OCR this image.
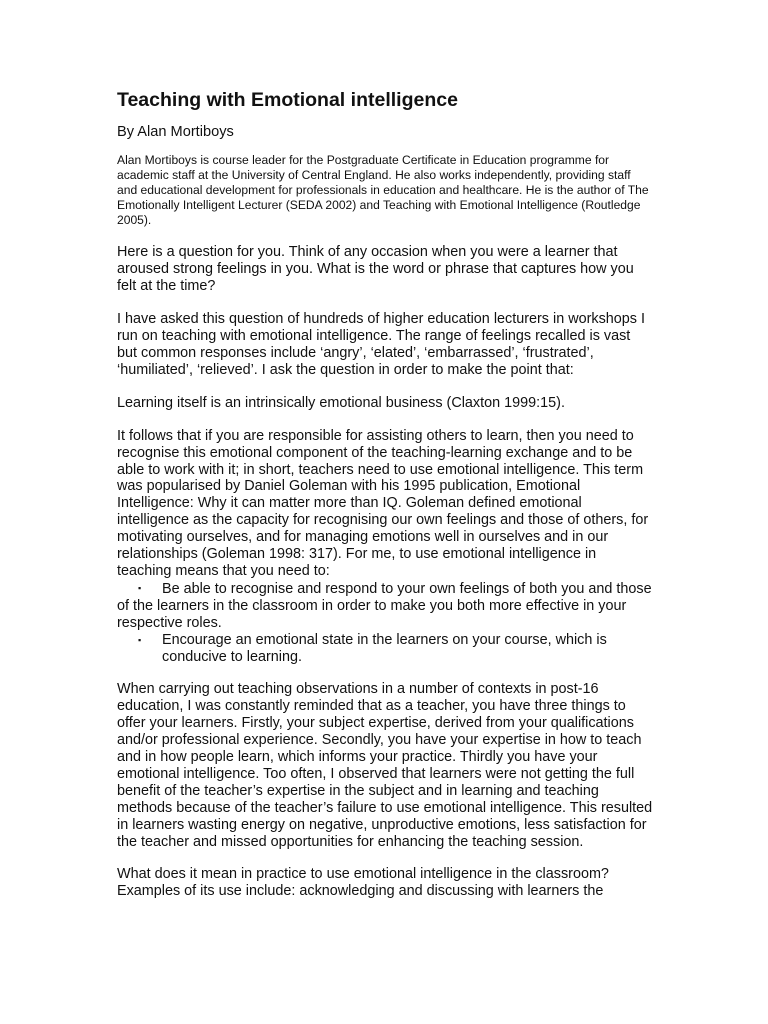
Teaching with Emotional intelligence

By Alan Mortiboys

Alan Mortiboys is course leader for the Postgraduate Certificate in Education programme for academic staff at the University of Central England. He also works independently, providing staff and educational development for professionals in education and healthcare. He is the author of The Emotionally Intelligent Lecturer (SEDA 2002) and Teaching with Emotional Intelligence (Routledge 2005).

Here is a question for you. Think of any occasion when you were a learner that aroused strong feelings in you. What is the word or phrase that captures how you felt at the time?

I have asked this question of hundreds of higher education lecturers in workshops I run on teaching with emotional intelligence. The range of feelings recalled is vast but common responses include ‘angry’, ‘elated’, ‘embarrassed’, ‘frustrated’, ‘humiliated’, ‘relieved’. I ask the question in order to make the point that:

Learning itself is an intrinsically emotional business (Claxton 1999:15).

It follows that if you are responsible for assisting others to learn, then you need to recognise this emotional component of the teaching-learning exchange and to be able to work with it; in short, teachers need to use emotional intelligence. This term was popularised by Daniel Goleman with his 1995 publication, Emotional Intelligence: Why it can matter more than IQ. Goleman defined emotional intelligence as the capacity for recognising our own feelings and those of others, for motivating ourselves, and for managing emotions well in ourselves and in our relationships (Goleman 1998: 317). For me, to use emotional intelligence in teaching means that you need to:

▪ Be able to recognise and respond to your own feelings of both you and those of the learners in the classroom in order to make you both more effective in your respective roles.
▪ Encourage an emotional state in the learners on your course, which is conducive to learning.

When carrying out teaching observations in a number of contexts in post-16 education, I was constantly reminded that as a teacher, you have three things to offer your learners. Firstly, your subject expertise, derived from your qualifications and/or professional experience. Secondly, you have your expertise in how to teach and in how people learn, which informs your practice. Thirdly you have your emotional intelligence. Too often, I observed that learners were not getting the full benefit of the teacher’s expertise in the subject and in learning and teaching methods because of the teacher’s failure to use emotional intelligence. This resulted in learners wasting energy on negative, unproductive emotions, less satisfaction for the teacher and missed opportunities for enhancing the teaching session.

What does it mean in practice to use emotional intelligence in the classroom? Examples of its use include: acknowledging and discussing with learners the
